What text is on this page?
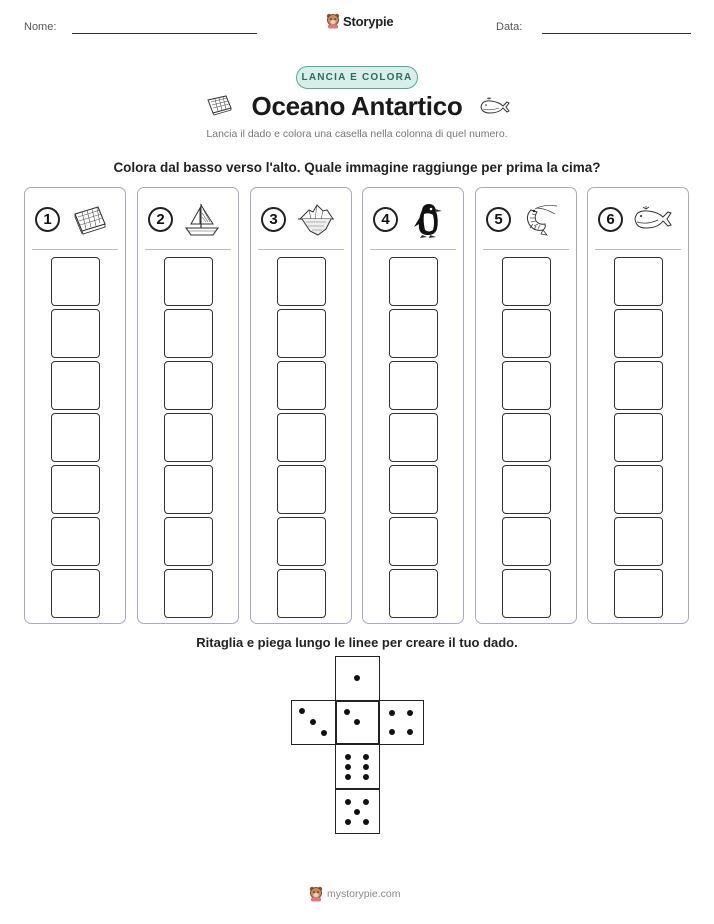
Nome:	Storypie	Data:
LANCIA E COLORA
Oceano Antartico
Lancia il dado e colora una casella nella colonna di quel numero.
Colora dal basso verso l'alto. Quale immagine raggiunge per prima la cima?
1	2	3	4	5	6
Ritaglia e piega lungo le linee per creare il tuo dado.
mystorypie.com
